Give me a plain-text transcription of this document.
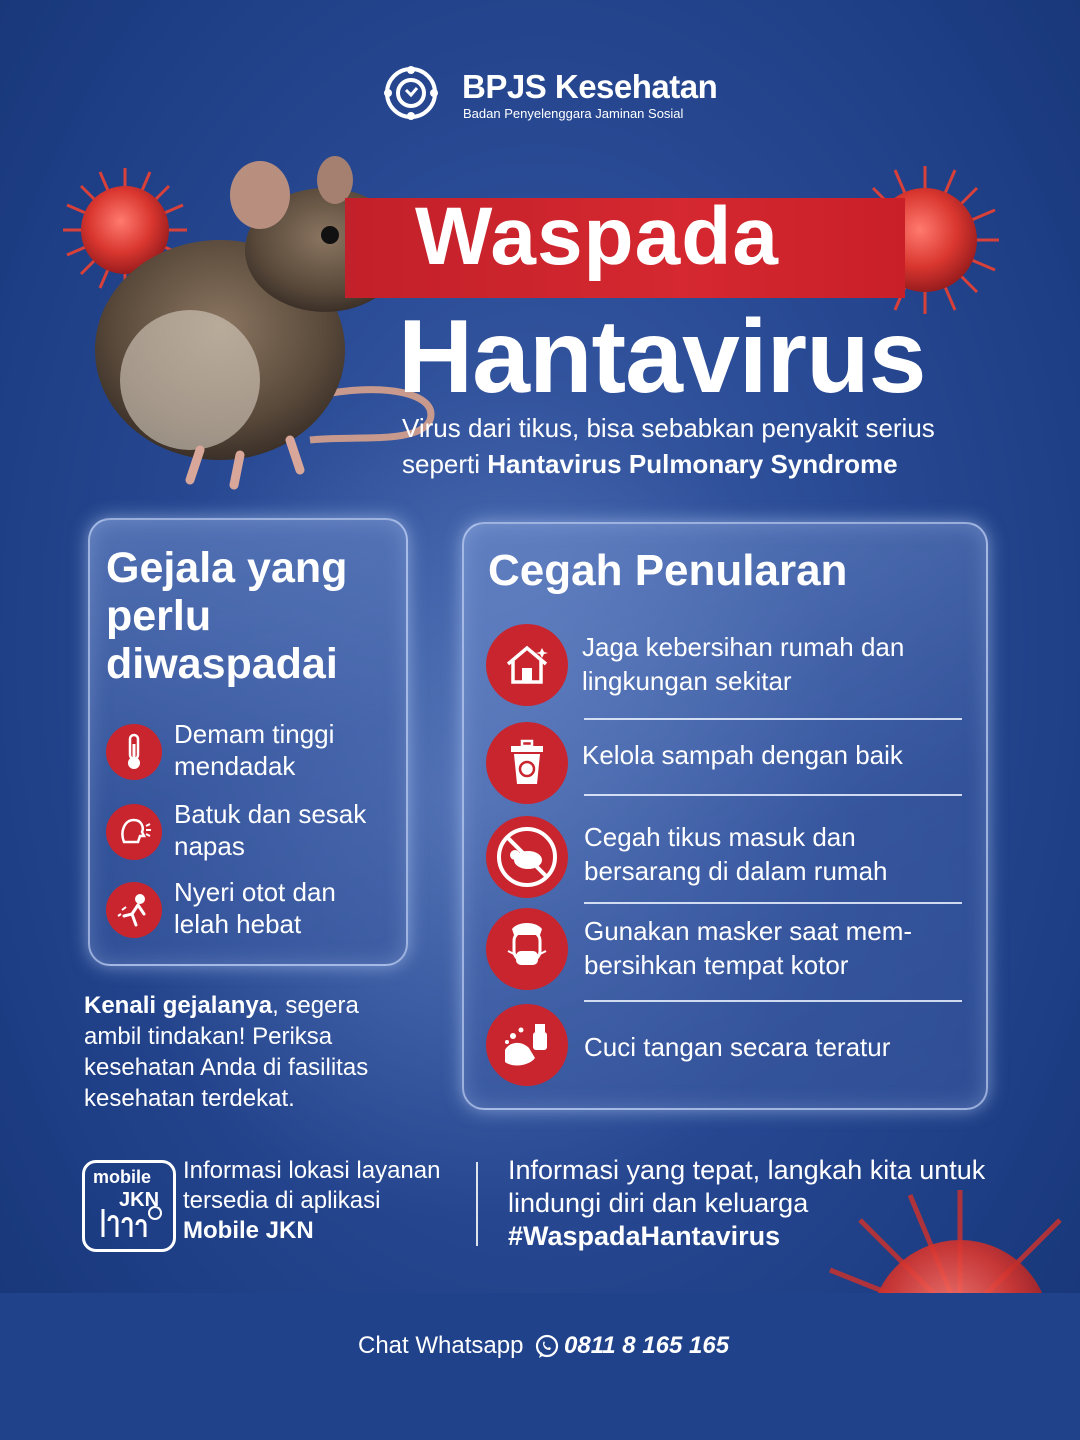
BPJS Kesehatan
Badan Penyelenggara Jaminan Sosial
Waspada
Hantavirus
Virus dari tikus, bisa sebabkan penyakit serius
seperti Hantavirus Pulmonary Syndrome
Gejala yang perlu diwaspadai
Demam tinggi mendadak
Batuk dan sesak napas
Nyeri otot dan lelah hebat
Cegah Penularan
Jaga kebersihan rumah dan lingkungan sekitar
Kelola sampah dengan baik
Cegah tikus masuk dan bersarang di dalam rumah
Gunakan masker saat mem-bersihkan tempat kotor
Cuci tangan secara teratur
Kenali gejalanya, segera ambil tindakan! Periksa kesehatan Anda di fasilitas kesehatan terdekat.
mobile
JKN
Informasi lokasi layanan tersedia di aplikasi Mobile JKN
Informasi yang tepat, langkah kita untuk lindungi diri dan keluarga
#WaspadaHantavirus
Chat Whatsapp 0811 8 165 165
